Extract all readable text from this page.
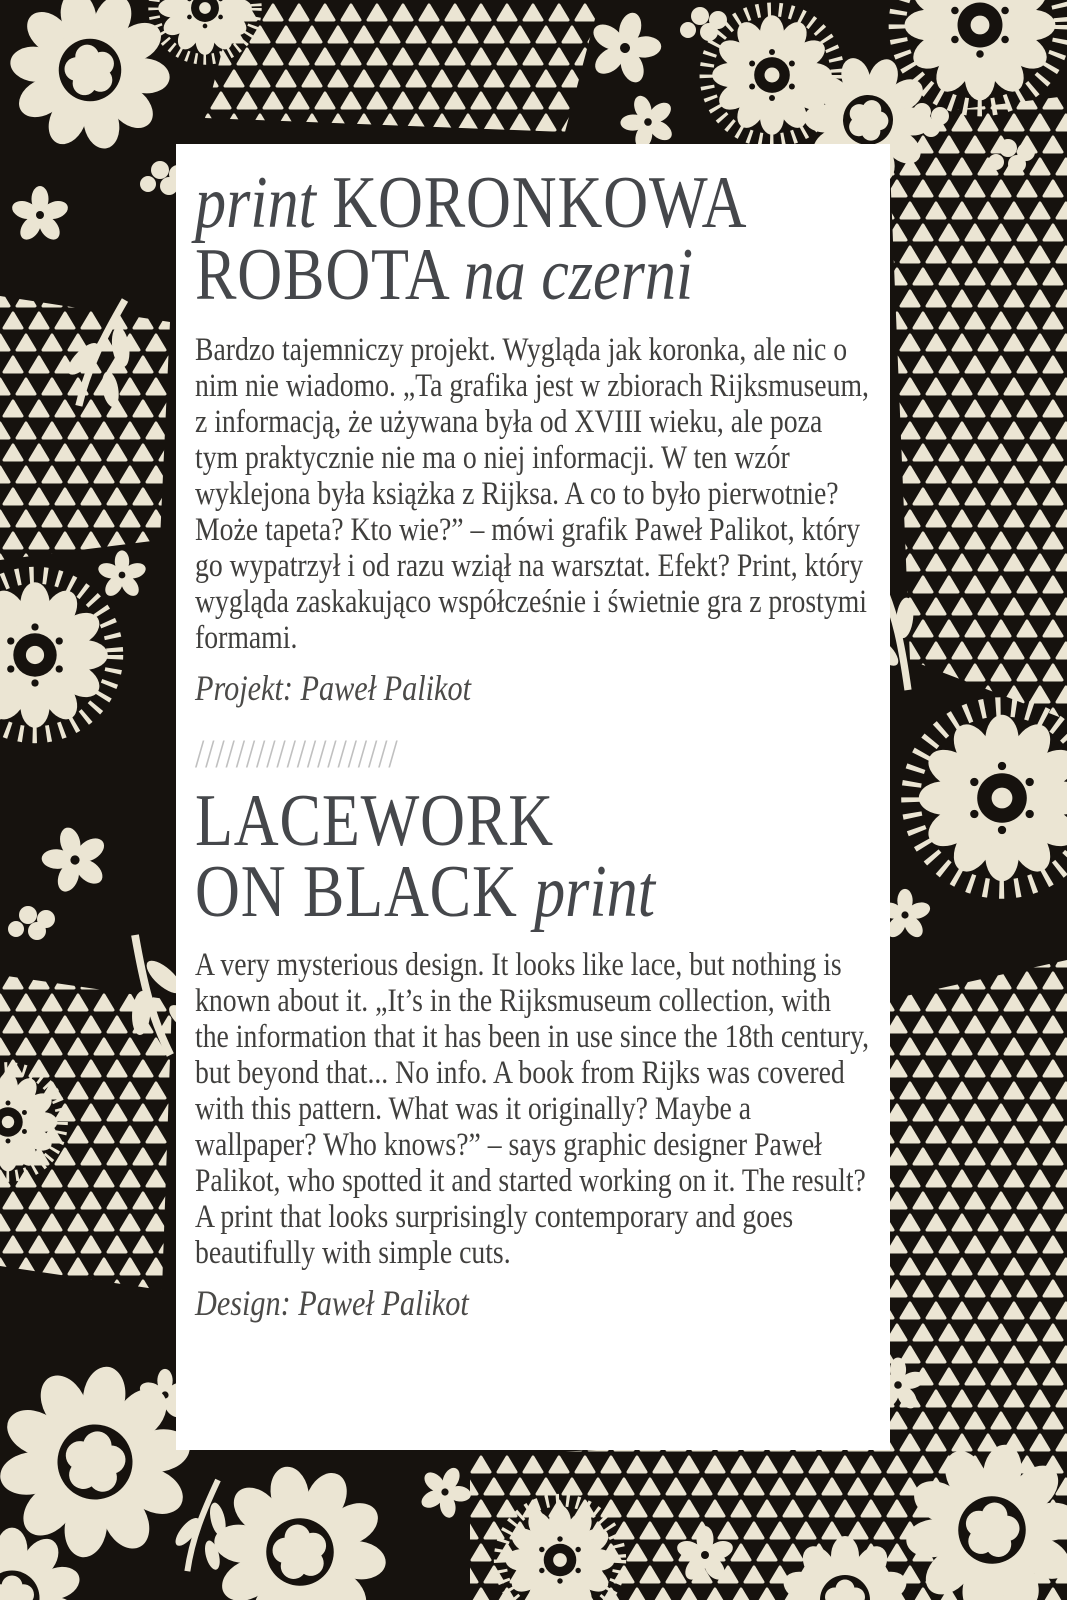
print KORONKOWA
ROBOTA na czerni

Bardzo tajemniczy projekt. Wygląda jak koronka, ale nic o nim nie wiadomo. „Ta grafika jest w zbiorach Rijksmuseum, z informacją, że używana była od XVIII wieku, ale poza tym praktycznie nie ma o niej informacji. W ten wzór wyklejona była książka z Rijksa. A co to było pierwotnie? Może tapeta? Kto wie?” – mówi grafik Paweł Palikot, który go wypatrzył i od razu wziął na warsztat. Efekt? Print, który wygląda zaskakująco współcześnie i świetnie gra z prostymi formami.

Projekt: Paweł Palikot

////////////////////
LACEWORK
ON BLACK print

A very mysterious design. It looks like lace, but nothing is known about it. „It’s in the Rijksmuseum collection, with the information that it has been in use since the 18th century, but beyond that... No info. A book from Rijks was covered with this pattern. What was it originally? Maybe a wallpaper? Who knows?” – says graphic designer Paweł Palikot, who spotted it and started working on it. The result? A print that looks surprisingly contemporary and goes beautifully with simple cuts.

Design: Paweł Palikot
